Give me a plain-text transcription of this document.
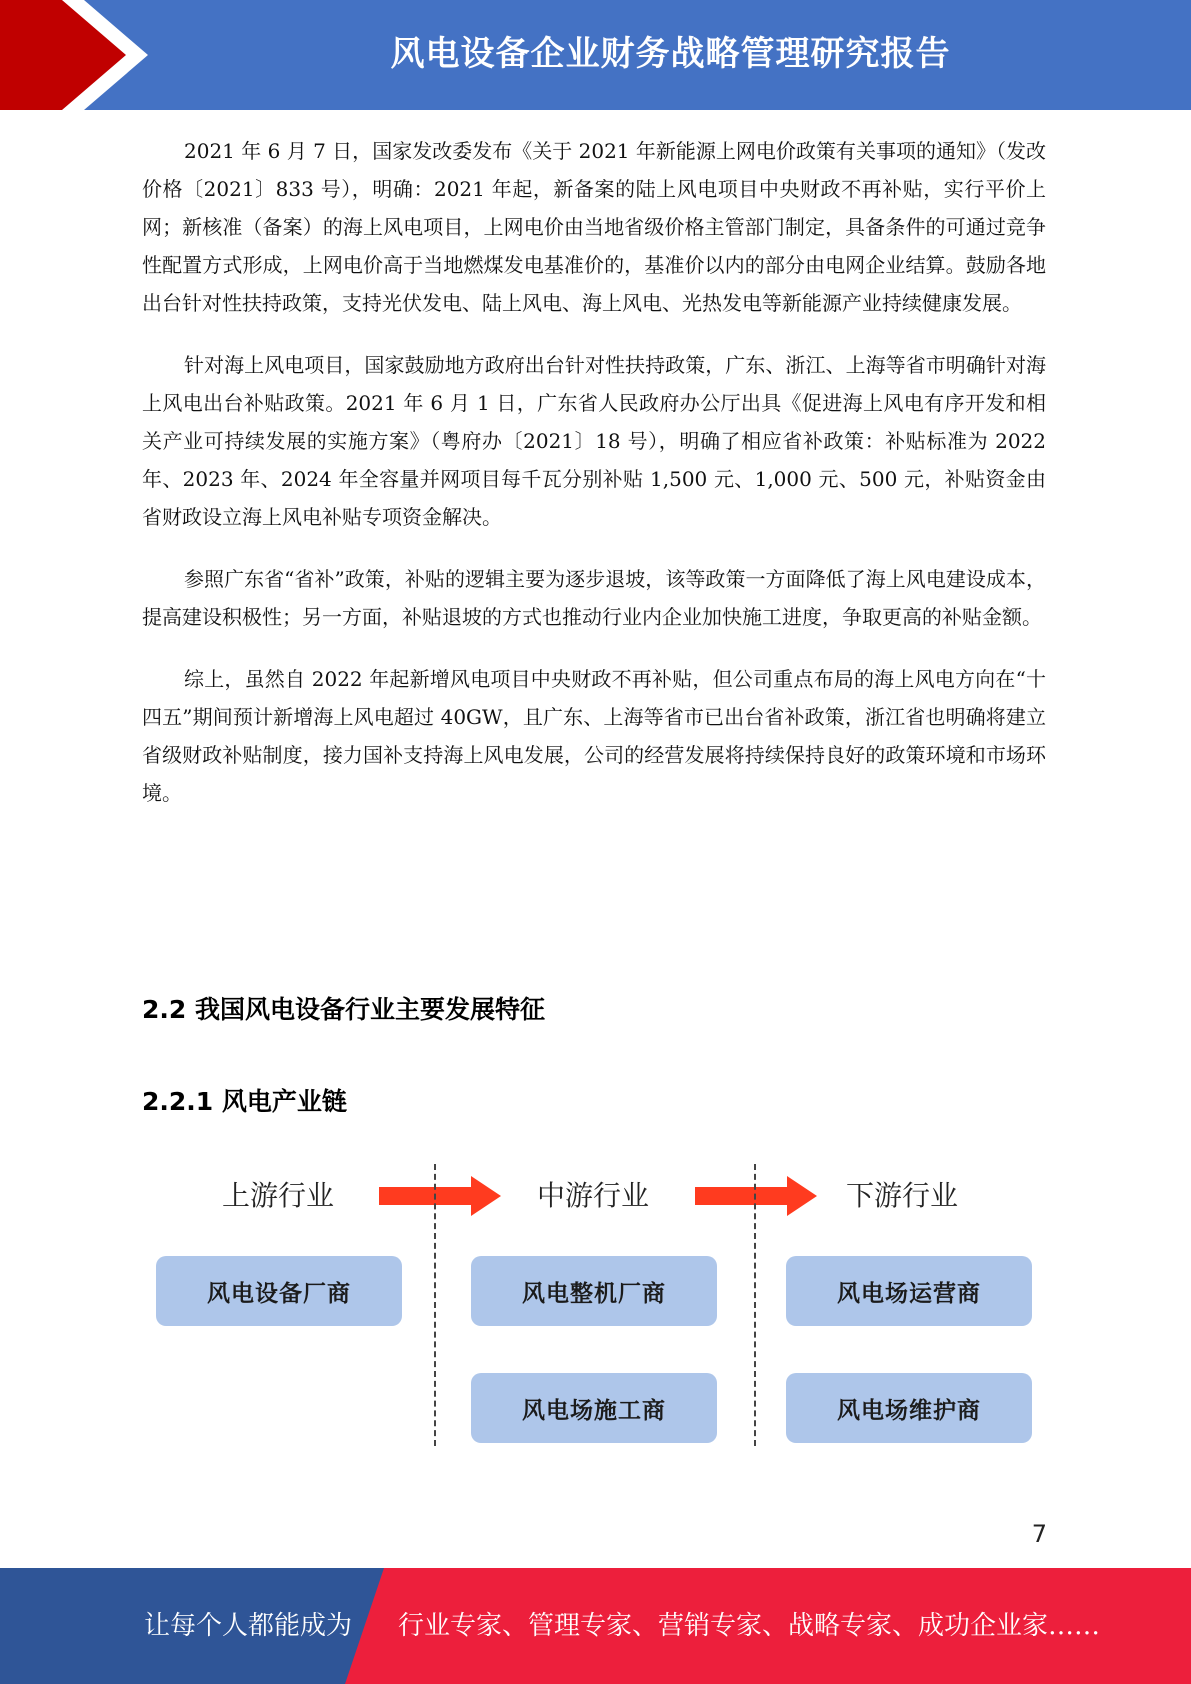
风电设备企业财务战略管理研究报告

2021 年 6 月 7 日，国家发改委发布《关于 2021 年新能源上网电价政策有关事项的通知》（发改价格〔2021〕833 号），明确：2021 年起，新备案的陆上风电项目中央财政不再补贴，实行平价上网；新核准（备案）的海上风电项目，上网电价由当地省级价格主管部门制定，具备条件的可通过竞争性配置方式形成，上网电价高于当地燃煤发电基准价的，基准价以内的部分由电网企业结算。鼓励各地出台针对性扶持政策，支持光伏发电、陆上风电、海上风电、光热发电等新能源产业持续健康发展。

针对海上风电项目，国家鼓励地方政府出台针对性扶持政策，广东、浙江、上海等省市明确针对海上风电出台补贴政策。2021 年 6 月 1 日，广东省人民政府办公厅出具《促进海上风电有序开发和相关产业可持续发展的实施方案》（粤府办〔2021〕18 号），明确了相应省补政策：补贴标准为 2022 年、2023 年、2024 年全容量并网项目每千瓦分别补贴 1,500 元、1,000 元、500 元，补贴资金由省财政设立海上风电补贴专项资金解决。

参照广东省“省补”政策，补贴的逻辑主要为逐步退坡，该等政策一方面降低了海上风电建设成本，提高建设积极性；另一方面，补贴退坡的方式也推动行业内企业加快施工进度，争取更高的补贴金额。

综上，虽然自 2022 年起新增风电项目中央财政不再补贴，但公司重点布局的海上风电方向在“十四五”期间预计新增海上风电超过 40GW，且广东、上海等省市已出台省补政策，浙江省也明确将建立省级财政补贴制度，接力国补支持海上风电发展，公司的经营发展将持续保持良好的政策环境和市场环境。

2.2 我国风电设备行业主要发展特征
2.2.1 风电产业链
上游行业	中游行业	下游行业
风电设备厂商	风电整机厂商
风电场施工商
风电场运营商
风电场维护商
7
让每个人都能成为 行业专家、管理专家、营销专家、战略专家、成功企业家……
